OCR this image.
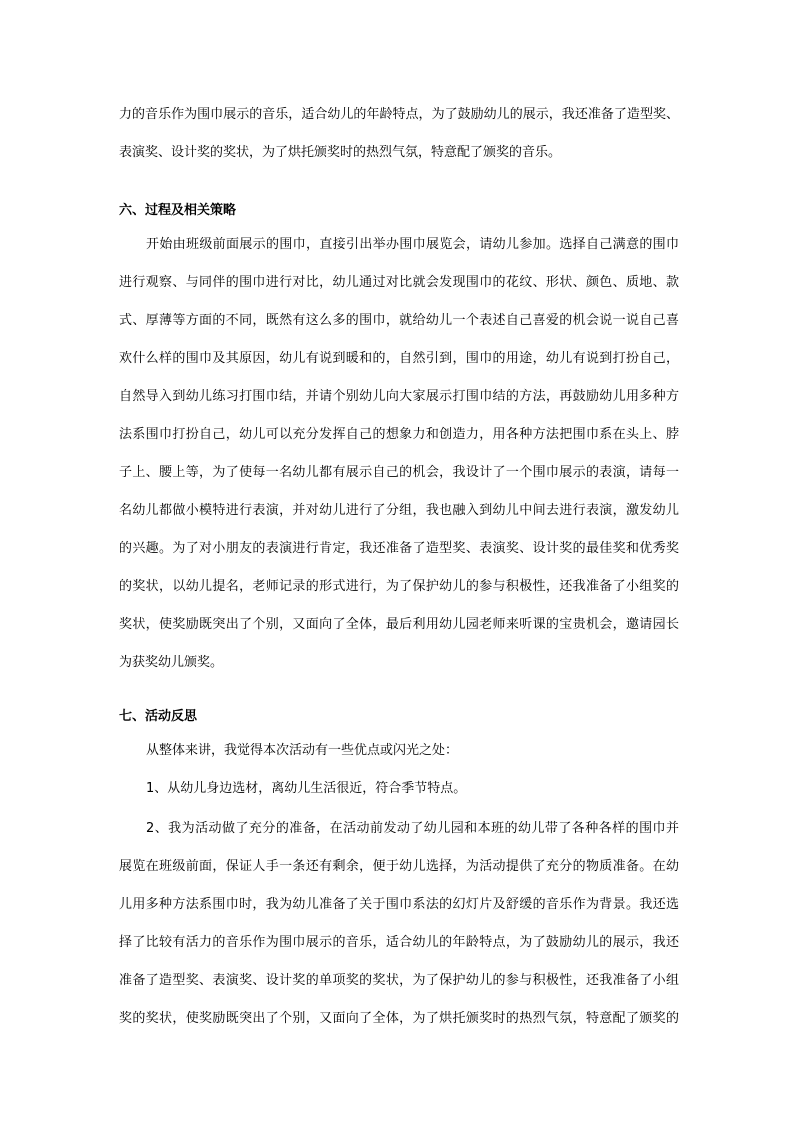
力的音乐作为围巾展示的音乐，适合幼儿的年龄特点，为了鼓励幼儿的展示，我还准备了造型奖、
表演奖、设计奖的奖状，为了烘托颁奖时的热烈气氛，特意配了颁奖的音乐。
六、过程及相关策略
开始由班级前面展示的围巾，直接引出举办围巾展览会，请幼儿参加。选择自己满意的围巾
进行观察、与同伴的围巾进行对比，幼儿通过对比就会发现围巾的花纹、形状、颜色、质地、款
式、厚薄等方面的不同，既然有这么多的围巾，就给幼儿一个表述自己喜爱的机会说一说自己喜
欢什么样的围巾及其原因，幼儿有说到暖和的，自然引到，围巾的用途，幼儿有说到打扮自己，
自然导入到幼儿练习打围巾结，并请个别幼儿向大家展示打围巾结的方法，再鼓励幼儿用多种方
法系围巾打扮自己，幼儿可以充分发挥自己的想象力和创造力，用各种方法把围巾系在头上、脖
子上、腰上等，为了使每一名幼儿都有展示自己的机会，我设计了一个围巾展示的表演，请每一
名幼儿都做小模特进行表演，并对幼儿进行了分组，我也融入到幼儿中间去进行表演，激发幼儿
的兴趣。为了对小朋友的表演进行肯定，我还准备了造型奖、表演奖、设计奖的最佳奖和优秀奖
的奖状，以幼儿提名，老师记录的形式进行，为了保护幼儿的参与积极性，还我准备了小组奖的
奖状，使奖励既突出了个别，又面向了全体，最后利用幼儿园老师来听课的宝贵机会，邀请园长
为获奖幼儿颁奖。
七、活动反思
从整体来讲，我觉得本次活动有一些优点或闪光之处：
1、从幼儿身边选材，离幼儿生活很近，符合季节特点。
2、我为活动做了充分的准备，在活动前发动了幼儿园和本班的幼儿带了各种各样的围巾并
展览在班级前面，保证人手一条还有剩余，便于幼儿选择，为活动提供了充分的物质准备。在幼
儿用多种方法系围巾时，我为幼儿准备了关于围巾系法的幻灯片及舒缓的音乐作为背景。我还选
择了比较有活力的音乐作为围巾展示的音乐，适合幼儿的年龄特点，为了鼓励幼儿的展示，我还
准备了造型奖、表演奖、设计奖的单项奖的奖状，为了保护幼儿的参与积极性，还我准备了小组
奖的奖状，使奖励既突出了个别，又面向了全体，为了烘托颁奖时的热烈气氛，特意配了颁奖的
